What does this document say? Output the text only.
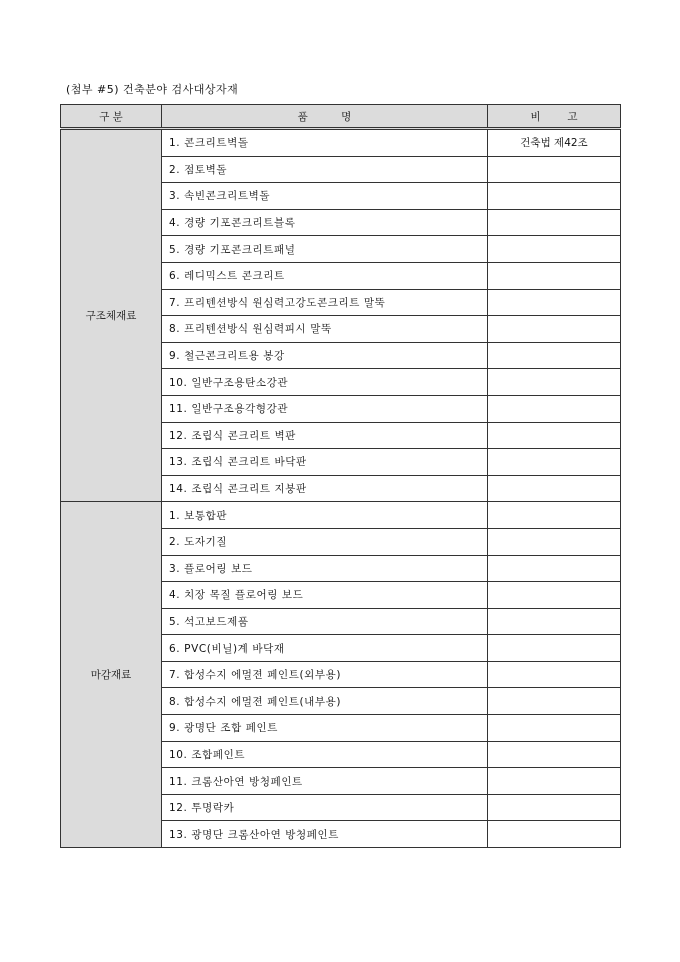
(첨부 #5) 건축분야 검사대상자재
구 분	품          명	비        고
구조체재료	1. 콘크리트벽돌	건축법 제42조
	2. 점토벽돌	
	3. 속빈콘크리트벽돌	
	4. 경량 기포콘크리트블록	
	5. 경량 기포콘크리트패널	
	6. 레디믹스트 콘크리트	
	7. 프리텐션방식 원심력고강도콘크리트 말뚝	
	8. 프리텐션방식 원심력피시 말뚝	
	9. 철근콘크리트용 봉강	
	10. 일반구조용탄소강관	
	11. 일반구조용각형강관	
	12. 조립식 콘크리트 벽판	
	13. 조립식 콘크리트 바닥판	
	14. 조립식 콘크리트 지붕판	
마감재료	1. 보통합판	
	2. 도자기질	
	3. 플로어링 보드	
	4. 치장 목질 플로어링 보드	
	5. 석고보드제품	
	6. PVC(비닐)계 바닥재	
	7. 합성수지 에멀젼 페인트(외부용)	
	8. 합성수지 에멀젼 페인트(내부용)	
	9. 광명단 조합 페인트	
	10. 조합페인트	
	11. 크롬산아연 방청페인트	
	12. 투명락카	
	13. 광명단 크롬산아연 방청페인트	
